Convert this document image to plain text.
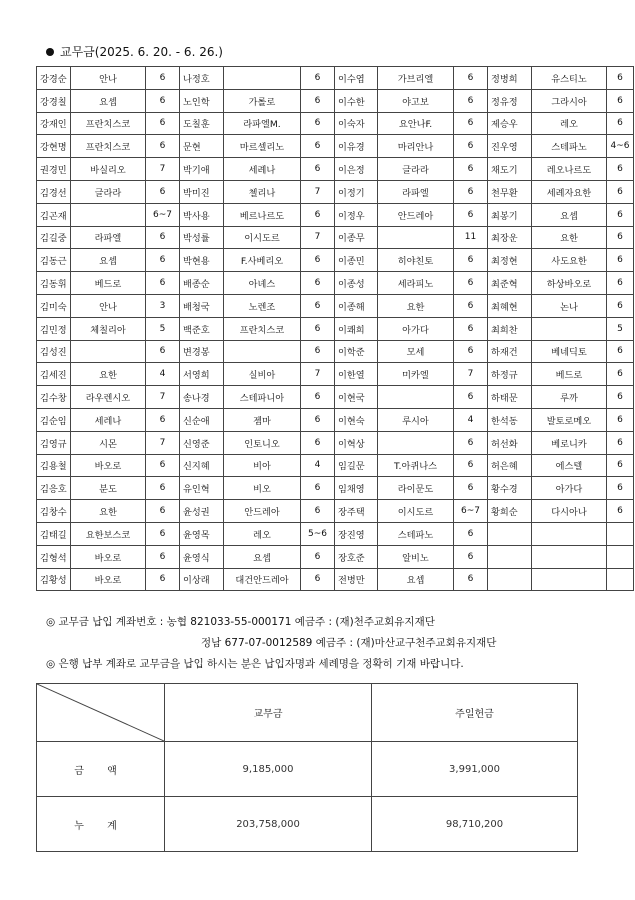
교무금(2025. 6. 20. - 6. 26.)
강경순	안나	6	나정호		6	이수엽	가브리엘	6	정병희	유스티노	6
강경칠	요셉	6	노인학	가롤로	6	이수한	야고보	6	정유정	그라시아	6
강재인	프란치스코	6	도칠훈	라파엘M.	6	이숙자	요안나F.	6	제승우	레오	6
강현명	프란치스코	6	문현	마르셀리노	6	이유경	마리안나	6	진우영	스테파노	4~6
권경민	바실리오	7	박기애	세례나	6	이은정	글라라	6	채도기	레오나르도	6
김경선	글라라	6	박미진	첼리나	7	이정기	라파엘	6	천무환	세례자요한	6
김곤재		6~7	박사용	베르나르도	6	이정우	안드레아	6	최봉기	요셉	6
김길중	라파엘	6	박성률	이시도르	7	이종무		11	최장운	요한	6
김동근	요셉	6	박현용	F.사베리오	6	이종민	히야친토	6	최정현	사도요한	6
김동휘	베드로	6	배종순	아녜스	6	이종성	세라피노	6	최준혁	하상바오로	6
김미숙	안나	3	배청국	노렌조	6	이종해	요한	6	최혜현	논나	6
김민정	체칠리아	5	백준호	프란치스코	6	이쾌희	아가다	6	최희찬		5
김성진		6	변경봉		6	이학준	모세	6	하재건	베네딕토	6
김세진	요한	4	서영희	실비아	7	이한열	미카엘	7	하정규	베드로	6
김수창	라우렌시오	7	송나경	스테파니아	6	이현국		6	하태문	루까	6
김순임	세레나	6	신순애	젬마	6	이현숙	루시아	4	한석동	발토로메오	6
김영규	시몬	7	신영준	인토니오	6	이혁상		6	허선화	베로니카	6
김용철	바오로	6	신지혜	비아	4	임길문	T.아퀴나스	6	허은혜	에스텔	6
김응호	분도	6	유인혁	비오	6	임채영	라이문도	6	황수경	아가다	6
김창수	요한	6	윤성권	안드레아	6	장주택	이시도르	6~7	황희순	다시아나	6
김태길	요한보스코	6	윤영목	레오	5~6	장진영	스테파노	6			
김형석	바오로	6	윤영식	요셉	6	장호준	알비노	6			
김황성	바오로	6	이상래	대건안드레아	6	전병만	요셉	6			
◎ 교무금 납입 계좌번호 : 농협 821033-55-000171 예금주 : (재)천주교회유지재단
정남 677-07-0012589 예금주 : (재)마산교구천주교회유지재단
◎ 은행 납부 계좌로 교무금을 납입 하시는 분은 납입자명과 세례명을 정확히 기재 바랍니다.
	교무금	주일헌금
금 액	9,185,000	3,991,000
누 계	203,758,000	98,710,200
